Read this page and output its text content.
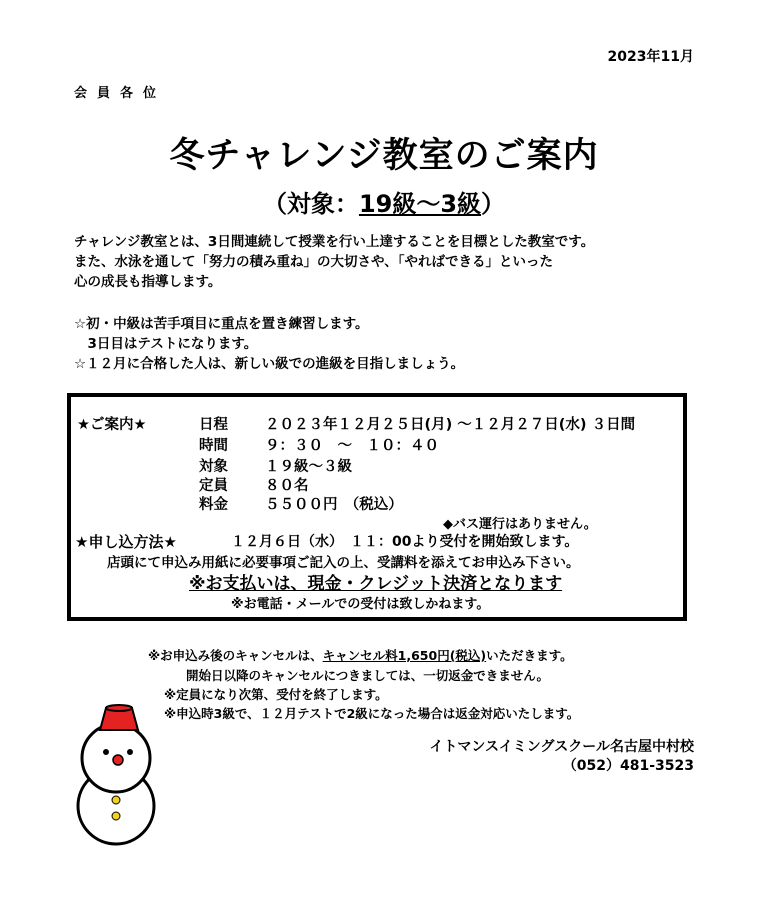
2023年11月
会員各位
冬チャレンジ教室のご案内
（対象：19級～3級）
チャレンジ教室とは、3日間連続して授業を行い上達することを目標とした教室です。
また、水泳を通して「努力の積み重ね」の大切さや、「やればできる」といった
心の成長も指導します。
☆初・中級は苦手項目に重点を置き練習します。
　3日目はテストになります。
☆１２月に合格した人は、新しい級での進級を目指しましょう。
★ご案内★	日程	２０２３年１２月２５日(月) ～１２月２７日(水) ３日間
時間	９：３０　～　１０：４０
対象	１９級～３級
定員	８０名
料金	５５００円　（税込）
◆バス運行はありません。
★申し込方法★	１２月６日（水）　１１：00より受付を開始致します。
店頭にて申込み用紙に必要事項ご記入の上、受講料を添えてお申込み下さい。
※お支払いは、現金・クレジット決済となります
※お電話・メールでの受付は致しかねます。
※お申込み後のキャンセルは、キャンセル料1,650円(税込)いただきます。
開始日以降のキャンセルにつきましては、一切返金できません。
※定員になり次第、受付を終了します。
※申込時3級で、１２月テストで2級になった場合は返金対応いたします。
イトマンスイミングスクール名古屋中村校
（052）481-3523
